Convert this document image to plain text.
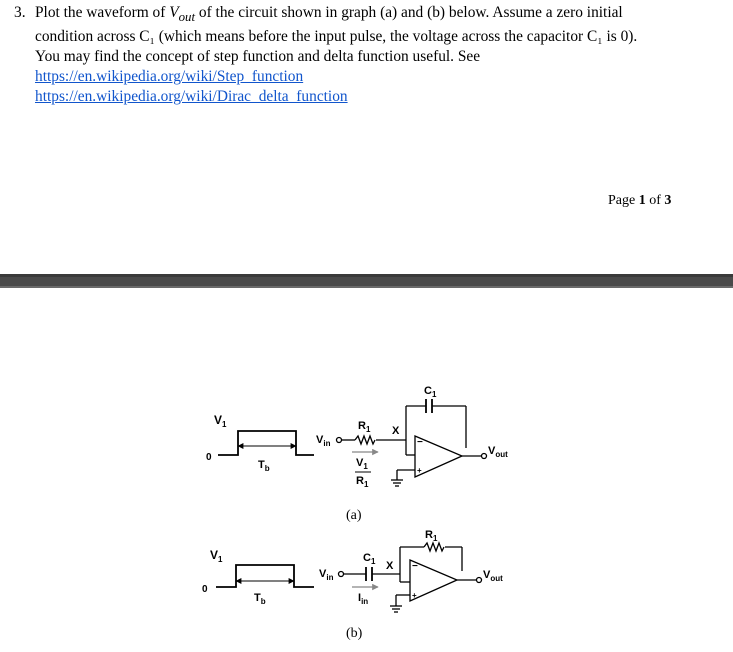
3. Plot the waveform of $V_{out}$ of the circuit shown in graph (a) and (b) below. Assume a zero initial
condition across C₁ (which means before the input pulse, the voltage across the capacitor C₁ is 0).
You may find the concept of step function and delta function useful. See
https://en.wikipedia.org/wiki/Step_function
https://en.wikipedia.org/wiki/Dirac_delta_function
Page 1 of 3
$V_1$
0
$T_b$
$V_{in}$
$R_1$ X
$C_1$
$V_1$
$R_1$
−
+
$V_{out}$
(a)
$V_1$
0
$T_b$
$V_{in}$
$C_1$ X
$R_1$
$I_{in}$
−
+
$V_{out}$
(b)
